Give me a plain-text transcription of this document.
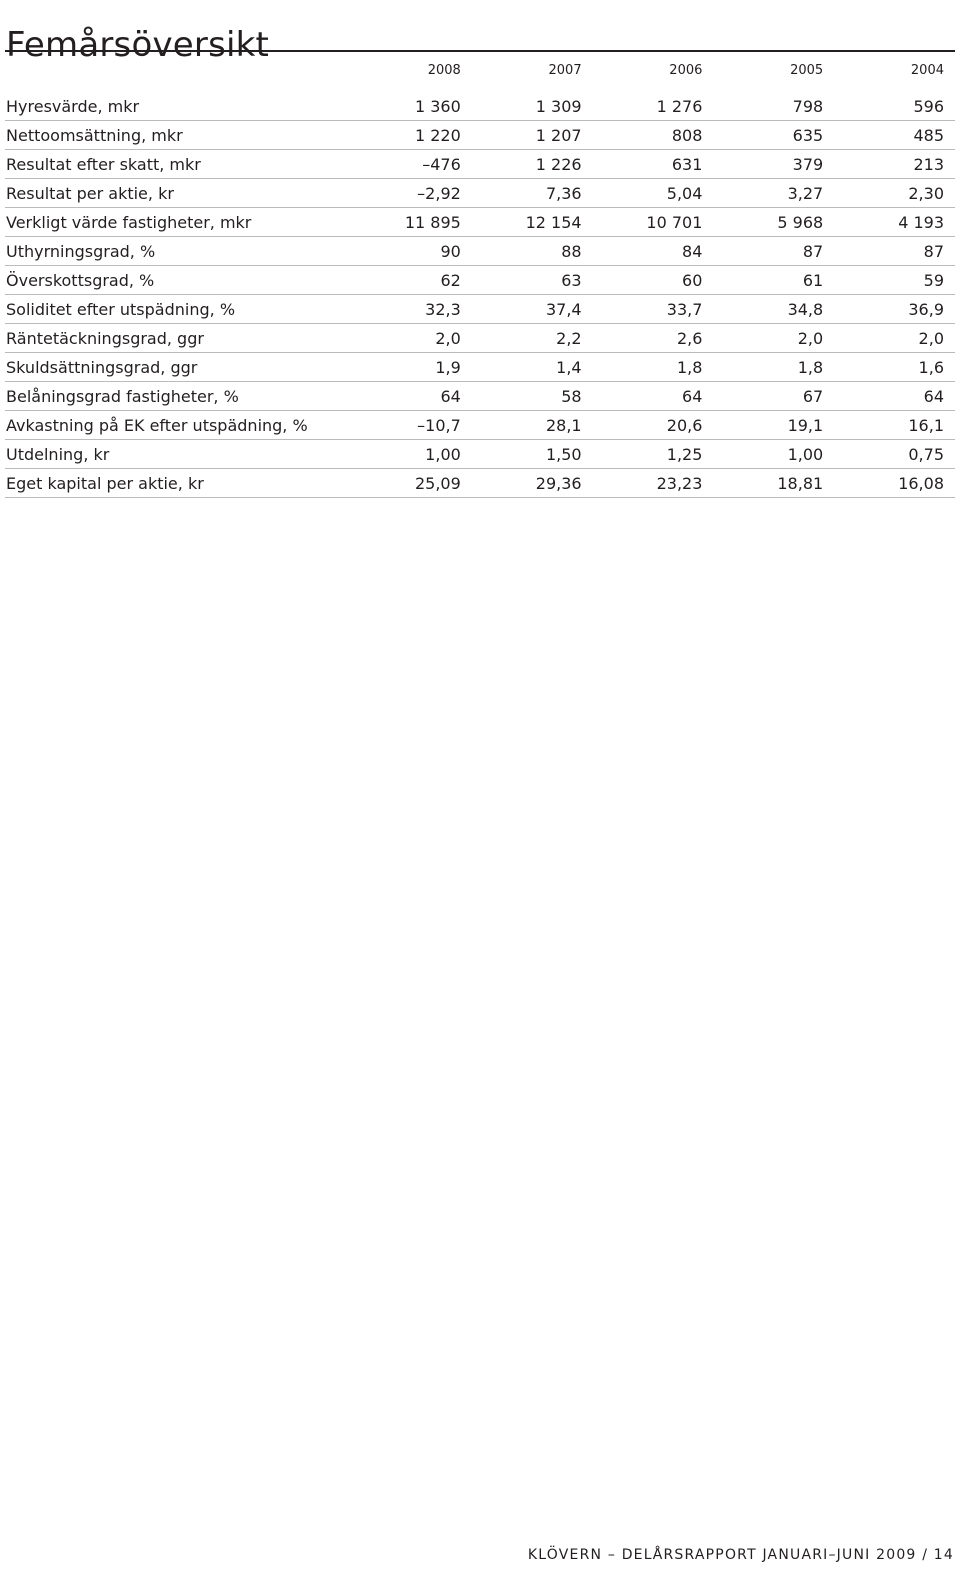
Femårsöversikt
	2008	2007	2006	2005	2004

Hyresvärde, mkr	1 360	1 309	1 276	798	596
Nettoomsättning, mkr	1 220	1 207	808	635	485
Resultat efter skatt, mkr	–476	1 226	631	379	213
Resultat per aktie, kr	–2,92	7,36	5,04	3,27	2,30
Verkligt värde fastigheter, mkr	11 895	12 154	10 701	5 968	4 193
Uthyrningsgrad, %	90	88	84	87	87
Överskottsgrad, %	62	63	60	61	59
Soliditet efter utspädning, %	32,3	37,4	33,7	34,8	36,9
Räntetäckningsgrad, ggr	2,0	2,2	2,6	2,0	2,0
Skuldsättningsgrad, ggr	1,9	1,4	1,8	1,8	1,6
Belåningsgrad fastigheter, %	64	58	64	67	64
Avkastning på EK efter utspädning, %	–10,7	28,1	20,6	19,1	16,1
Utdelning, kr	1,00	1,50	1,25	1,00	0,75
Eget kapital per aktie, kr	25,09	29,36	23,23	18,81	16,08
KLÖVERN – DELÅRSRAPPORT JANUARI–JUNI 2009 / 14
